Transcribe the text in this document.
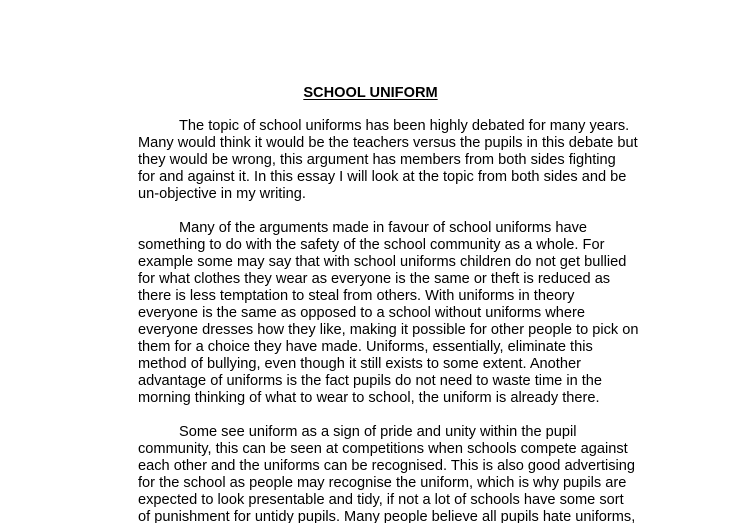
SCHOOL UNIFORM
The topic of school uniforms has been highly debated for many years.
Many would think it would be the teachers versus the pupils in this debate but
they would be wrong, this argument has members from both sides fighting
for and against it. In this essay I will look at the topic from both sides and be
un-objective in my writing.
Many of the arguments made in favour of school uniforms have
something to do with the safety of the school community as a whole. For
example some may say that with school uniforms children do not get bullied
for what clothes they wear as everyone is the same or theft is reduced as
there is less temptation to steal from others. With uniforms in theory
everyone is the same as opposed to a school without uniforms where
everyone dresses how they like, making it possible for other people to pick on
them for a choice they have made. Uniforms, essentially, eliminate this
method of bullying, even though it still exists to some extent. Another
advantage of uniforms is the fact pupils do not need to waste time in the
morning thinking of what to wear to school, the uniform is already there.
Some see uniform as a sign of pride and unity within the pupil
community, this can be seen at competitions when schools compete against
each other and the uniforms can be recognised. This is also good advertising
for the school as people may recognise the uniform, which is why pupils are
expected to look presentable and tidy, if not a lot of schools have some sort
of punishment for untidy pupils. Many people believe all pupils hate uniforms,
